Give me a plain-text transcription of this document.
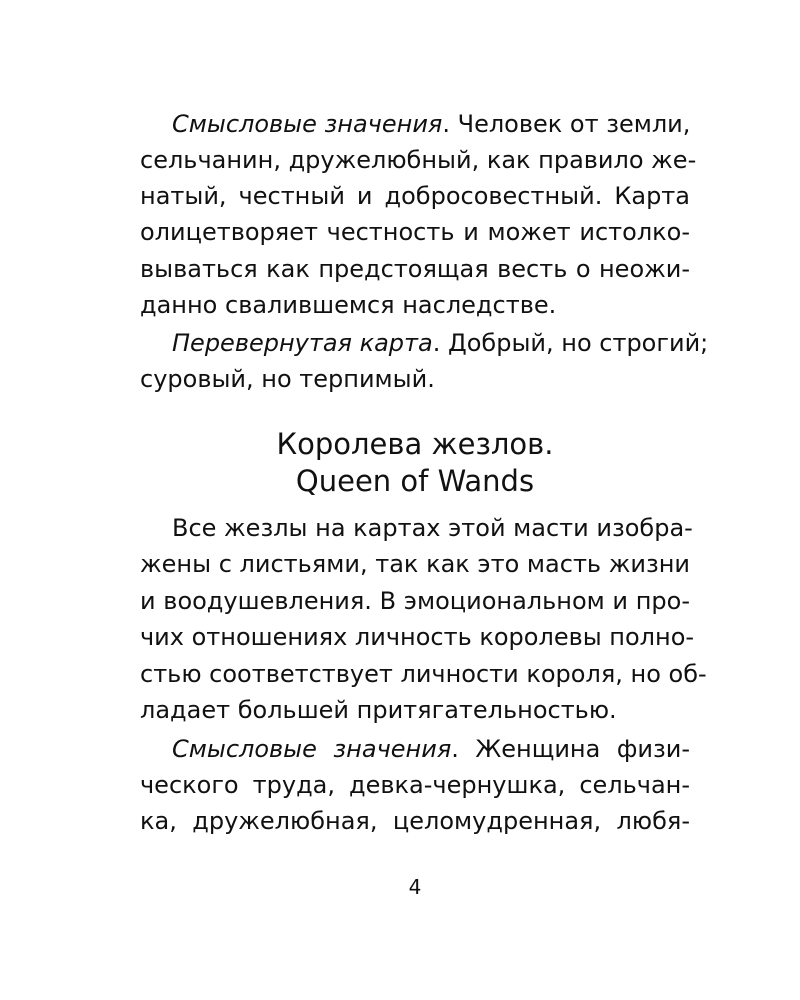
Смысловые значения. Человек от земли,
сельчанин, дружелюбный, как правило же-
натый, честный и добросовестный. Карта
олицетворяет честность и может истолко-
вываться как предстоящая весть о неожи-
данно свалившемся наследстве.
Перевернутая карта. Добрый, но строгий;
суровый, но терпимый.
Королева жезлов.
Queen of Wands
Все жезлы на картах этой масти изобра-
жены с листьями, так как это масть жизни
и воодушевления. В эмоциональном и про-
чих отношениях личность королевы полно-
стью соответствует личности короля, но об-
ладает большей притягательностью.
Смысловые значения. Женщина физи-
ческого труда, девка-чернушка, сельчан-
ка, дружелюбная, целомудренная, любя-
4
